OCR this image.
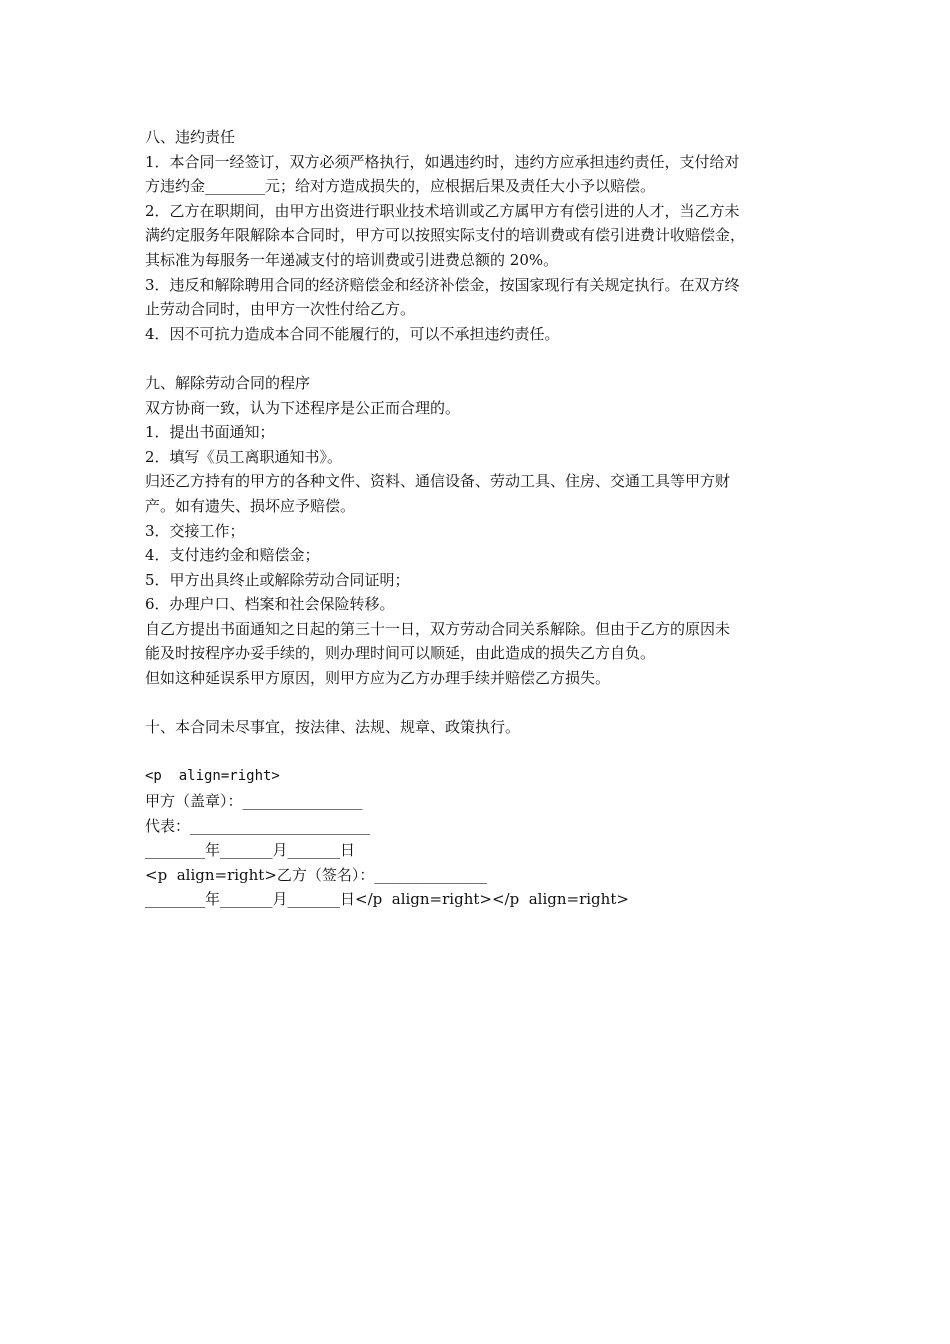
八、违约责任
1．本合同一经签订，双方必须严格执行，如遇违约时，违约方应承担违约责任，支付给对
方违约金________元；给对方造成损失的，应根据后果及责任大小予以赔偿。
2．乙方在职期间，由甲方出资进行职业技术培训或乙方属甲方有偿引进的人才，当乙方未
满约定服务年限解除本合同时，甲方可以按照实际支付的培训费或有偿引进费计收赔偿金，
其标准为每服务一年递减支付的培训费或引进费总额的 20%。
3．违反和解除聘用合同的经济赔偿金和经济补偿金，按国家现行有关规定执行。在双方终
止劳动合同时，由甲方一次性付给乙方。
4．因不可抗力造成本合同不能履行的，可以不承担违约责任。
九、解除劳动合同的程序
双方协商一致，认为下述程序是公正而合理的。
1．提出书面通知；
2．填写《员工离职通知书》。
归还乙方持有的甲方的各种文件、资料、通信设备、劳动工具、住房、交通工具等甲方财
产。如有遗失、损坏应予赔偿。
3．交接工作；
4．支付违约金和赔偿金；
5．甲方出具终止或解除劳动合同证明；
6．办理户口、档案和社会保险转移。
自乙方提出书面通知之日起的第三十一日，双方劳动合同关系解除。但由于乙方的原因未
能及时按程序办妥手续的，则办理时间可以顺延，由此造成的损失乙方自负。
但如这种延误系甲方原因，则甲方应为乙方办理手续并赔偿乙方损失。
十、本合同未尽事宜，按法律、法规、规章、政策执行。
<p  align=right>
甲方（盖章）：________________
代表：________________________
________年_______月_______日
<p  align=right>乙方（签名）：_______________
________年_______月_______日</p  align=right></p  align=right>
